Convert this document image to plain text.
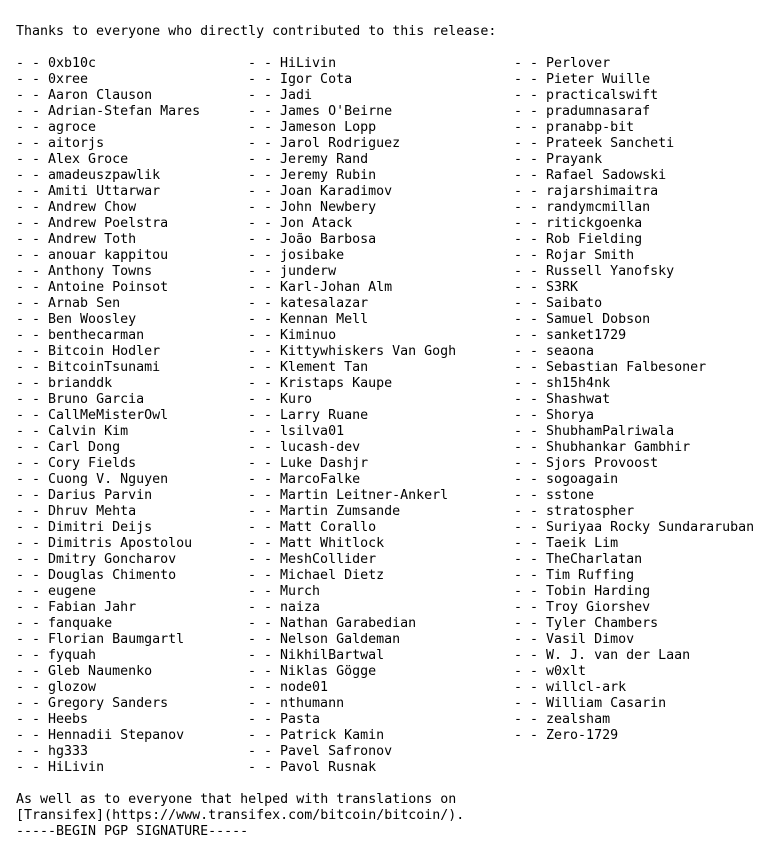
Thanks to everyone who directly contributed to this release:
- - 0xb10c
- - 0xree
- - Aaron Clauson
- - Adrian-Stefan Mares
- - agroce
- - aitorjs
- - Alex Groce
- - amadeuszpawlik
- - Amiti Uttarwar
- - Andrew Chow
- - Andrew Poelstra
- - Andrew Toth
- - anouar kappitou
- - Anthony Towns
- - Antoine Poinsot
- - Arnab Sen
- - Ben Woosley
- - benthecarman
- - Bitcoin Hodler
- - BitcoinTsunami
- - brianddk
- - Bruno Garcia
- - CallMeMisterOwl
- - Calvin Kim
- - Carl Dong
- - Cory Fields
- - Cuong V. Nguyen
- - Darius Parvin
- - Dhruv Mehta
- - Dimitri Deijs
- - Dimitris Apostolou
- - Dmitry Goncharov
- - Douglas Chimento
- - eugene
- - Fabian Jahr
- - fanquake
- - Florian Baumgartl
- - fyquah
- - Gleb Naumenko
- - glozow
- - Gregory Sanders
- - Heebs
- - Hennadii Stepanov
- - hg333
- - HiLivin
- - HiLivin
- - Igor Cota
- - Jadi
- - James O'Beirne
- - Jameson Lopp
- - Jarol Rodriguez
- - Jeremy Rand
- - Jeremy Rubin
- - Joan Karadimov
- - John Newbery
- - Jon Atack
- - João Barbosa
- - josibake
- - junderw
- - Karl-Johan Alm
- - katesalazar
- - Kennan Mell
- - Kiminuo
- - Kittywhiskers Van Gogh
- - Klement Tan
- - Kristaps Kaupe
- - Kuro
- - Larry Ruane
- - lsilva01
- - lucash-dev
- - Luke Dashjr
- - MarcoFalke
- - Martin Leitner-Ankerl
- - Martin Zumsande
- - Matt Corallo
- - Matt Whitlock
- - MeshCollider
- - Michael Dietz
- - Murch
- - naiza
- - Nathan Garabedian
- - Nelson Galdeman
- - NikhilBartwal
- - Niklas Gögge
- - node01
- - nthumann
- - Pasta
- - Patrick Kamin
- - Pavel Safronov
- - Pavol Rusnak
- - Perlover
- - Pieter Wuille
- - practicalswift
- - pradumnasaraf
- - pranabp-bit
- - Prateek Sancheti
- - Prayank
- - Rafael Sadowski
- - rajarshimaitra
- - randymcmillan
- - ritickgoenka
- - Rob Fielding
- - Rojar Smith
- - Russell Yanofsky
- - S3RK
- - Saibato
- - Samuel Dobson
- - sanket1729
- - seaona
- - Sebastian Falbesoner
- - sh15h4nk
- - Shashwat
- - Shorya
- - ShubhamPalriwala
- - Shubhankar Gambhir
- - Sjors Provoost
- - sogoagain
- - sstone
- - stratospher
- - Suriyaa Rocky Sundararuban
- - Taeik Lim
- - TheCharlatan
- - Tim Ruffing
- - Tobin Harding
- - Troy Giorshev
- - Tyler Chambers
- - Vasil Dimov
- - W. J. van der Laan
- - w0xlt
- - willcl-ark
- - William Casarin
- - zealsham
- - Zero-1729
As well as to everyone that helped with translations on
[Transifex](https://www.transifex.com/bitcoin/bitcoin/).
-----BEGIN PGP SIGNATURE-----
